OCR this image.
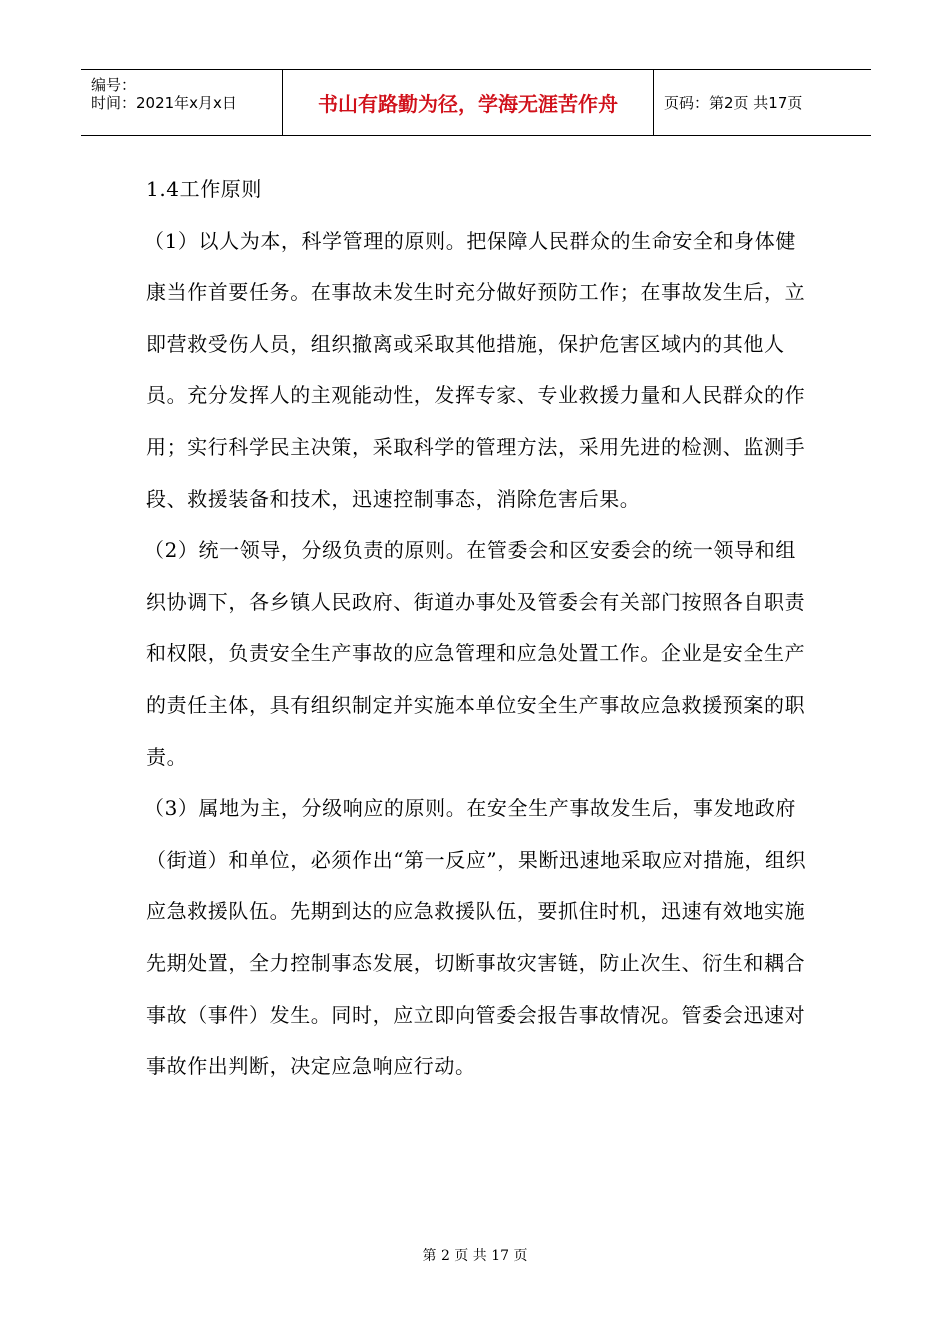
编号：
时间：2021年x月x日	书山有路勤为径，学海无涯苦作舟	页码：第2页 共17页

1.4工作原则

（1）以人为本，科学管理的原则。把保障人民群众的生命安全和身体健康当作首要任务。在事故未发生时充分做好预防工作；在事故发生后，立即营救受伤人员，组织撤离或采取其他措施，保护危害区域内的其他人员。充分发挥人的主观能动性，发挥专家、专业救援力量和人民群众的作用；实行科学民主决策，采取科学的管理方法，采用先进的检测、监测手段、救援装备和技术，迅速控制事态，消除危害后果。

（2）统一领导，分级负责的原则。在管委会和区安委会的统一领导和组织协调下，各乡镇人民政府、街道办事处及管委会有关部门按照各自职责和权限，负责安全生产事故的应急管理和应急处置工作。企业是安全生产的责任主体，具有组织制定并实施本单位安全生产事故应急救援预案的职责。

（3）属地为主，分级响应的原则。在安全生产事故发生后，事发地政府（街道）和单位，必须作出“第一反应”，果断迅速地采取应对措施，组织应急救援队伍。先期到达的应急救援队伍，要抓住时机，迅速有效地实施先期处置，全力控制事态发展，切断事故灾害链，防止次生、衍生和耦合事故（事件）发生。同时，应立即向管委会报告事故情况。管委会迅速对事故作出判断，决定应急响应行动。

第 2 页 共 17 页
